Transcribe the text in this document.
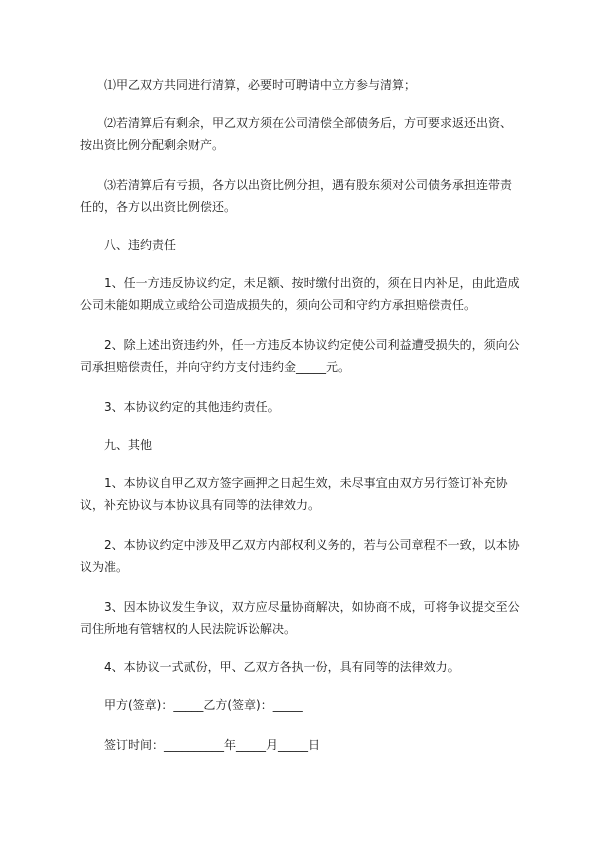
⑴甲乙双方共同进行清算，必要时可聘请中立方参与清算；

⑵若清算后有剩余，甲乙双方须在公司清偿全部债务后，方可要求返还出资、按出资比例分配剩余财产。

⑶若清算后有亏损，各方以出资比例分担，遇有股东须对公司债务承担连带责任的，各方以出资比例偿还。

八、违约责任

1、任一方违反协议约定，未足额、按时缴付出资的，须在日内补足，由此造成公司未能如期成立或给公司造成损失的，须向公司和守约方承担赔偿责任。

2、除上述出资违约外，任一方违反本协议约定使公司利益遭受损失的，须向公司承担赔偿责任，并向守约方支付违约金_____元。

3、本协议约定的其他违约责任。

九、其他

1、本协议自甲乙双方签字画押之日起生效，未尽事宜由双方另行签订补充协议，补充协议与本协议具有同等的法律效力。

2、本协议约定中涉及甲乙双方内部权利义务的，若与公司章程不一致，以本协议为准。

3、因本协议发生争议，双方应尽量协商解决，如协商不成，可将争议提交至公司住所地有管辖权的人民法院诉讼解决。

4、本协议一式贰份，甲、乙双方各执一份，具有同等的法律效力。

甲方(签章)：_____乙方(签章)：_____

签订时间：__________年_____月_____日
